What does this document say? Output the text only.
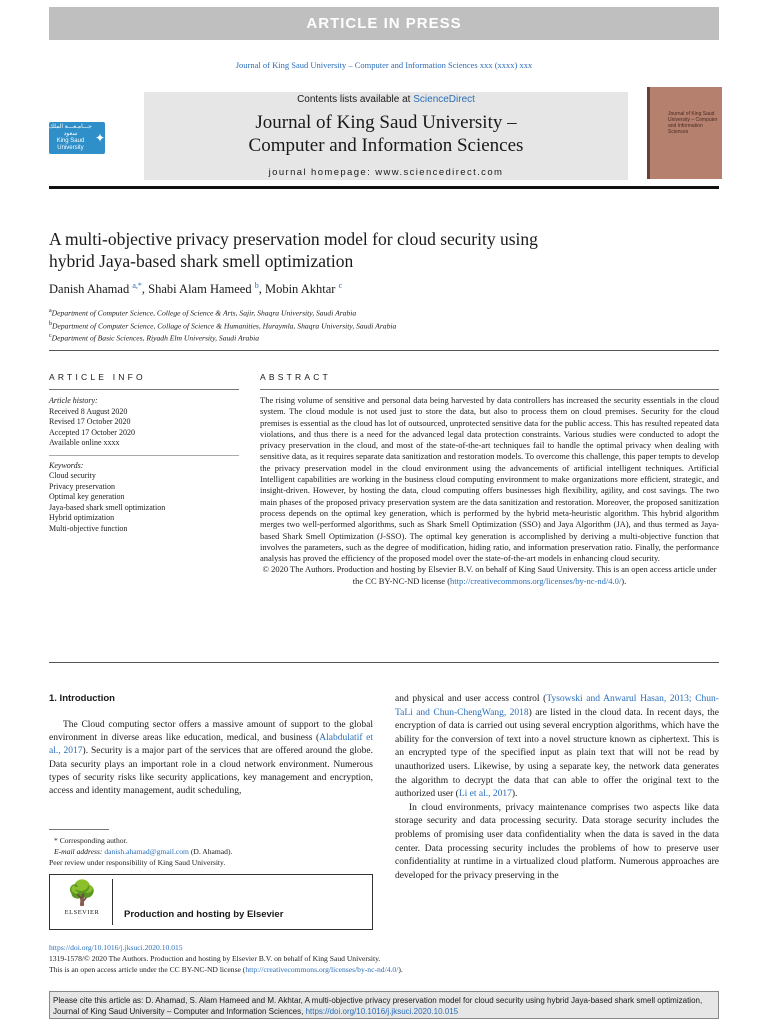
ARTICLE IN PRESS
Journal of King Saud University – Computer and Information Sciences xxx (xxxx) xxx
جـــامـعـــة الملك سعود
King Saud University
✦
Contents lists available at ScienceDirect
Journal of King Saud University –
Computer and Information Sciences
journal homepage: www.sciencedirect.com
Journal of King Saud University – Computer and Information Sciences
A multi-objective privacy preservation model for cloud security using
hybrid Jaya-based shark smell optimization
Danish Ahamad $^{a,*}$, Shabi Alam Hameed $^b$, Mobin Akhtar $^c$
$^a$Department of Computer Science, College of Science & Arts, Sajir, Shaqra University, Saudi Arabia
$^b$Department of Computer Science, Collage of Science & Humanities, Huraymla, Shaqra University, Saudi Arabia
$^c$Department of Basic Sciences, Riyadh Elm University, Saudi Arabia
ARTICLE INFO	ABSTRACT
Article history:
Received 8 August 2020
Revised 17 October 2020
Accepted 17 October 2020
Available online xxxx
Keywords:
Cloud security
Privacy preservation
Optimal key generation
Jaya-based shark smell optimization
Hybrid optimization
Multi-objective function

The rising volume of sensitive and personal data being harvested by data controllers has increased the security essentials in the cloud system. The cloud module is not used just to store the data, but also to process them on cloud premises. Security for the cloud premises is essential as the cloud has lot of outsourced, unprotected sensitive data for the public access. This has resulted repeated data violations, and thus there is a need for the advanced legal data protection constraints. Various studies were conducted to adopt the privacy preservation in the cloud, and most of the state-of-the-art techniques fail to handle the optimal privacy when dealing with sensitive data, as it requires separate data sanitization and restoration models. To overcome this challenge, this paper tempts to develop the privacy preservation model in the cloud environment using the advancements of artificial intelligent techniques. Artificial Intelligent capabilities are working in the business cloud computing environment to make organizations more efficient, strategic, and insight-driven. However, by hosting the data, cloud computing offers businesses high flexibility, agility, and cost savings. The two main phases of the proposed privacy preservation system are the data sanitization and restoration. Moreover, the proposed sanitization process depends on the optimal key generation, which is performed by the hybrid meta-heuristic algorithm. This hybrid algorithm merges two well-performed algorithms, such as Shark Smell Optimization (SSO) and Jaya Algorithm (JA), and thus termed as Jaya-based Shark Smell Optimization (J-SSO). The optimal key generation is accomplished by deriving a multi-objective function that involves the parameters, such as the degree of modification, hiding ratio, and information preservation ratio. Finally, the performance analysis has proved the efficiency of the proposed model over the state-of-the-art models in enhancing cloud security.

© 2020 The Authors. Production and hosting by Elsevier B.V. on behalf of King Saud University. This is an open access article under the CC BY-NC-ND license (http://creativecommons.org/licenses/by-nc-nd/4.0/).

1. Introduction

The Cloud computing sector offers a massive amount of support to the global environment in diverse areas like education, medical, and business (Alabdulatif et al., 2017). Security is a major part of the services that are offered around the globe. Data security plays an important role in a cloud network environment. Numerous types of security risks like security applications, key management and encryption, access and identity management, audit scheduling,

and physical and user access control (Tysowski and Anwarul Hasan, 2013; Chun-TaLi and Chun-ChengWang, 2018) are listed in the cloud data. In recent days, the encryption of data is carried out using several encryption algorithms, which have the ability for the conversion of text into a novel structure known as ciphertext. This is an encrypted type of the specified input as plain text that will not be read by unauthorized users. Likewise, by using a separate key, the network data generates the algorithm to decrypt the data that can able to offer the original text to the authorized user (Li et al., 2017).

In cloud environments, privacy maintenance comprises two aspects like data storage security and data processing security. Data storage security includes the problems of promising user data confidentiality when the data is saved in the data center. Data processing security includes the problems of how to preserve user confidentiality at runtime in a virtualized cloud platform. Numerous approaches are developed for the privacy preserving in the

* Corresponding author.
E-mail address: danish.ahamad@gmail.com (D. Ahamad).
Peer review under responsibility of King Saud University.
🌳
ELSEVIER	Production and hosting by Elsevier
https://doi.org/10.1016/j.jksuci.2020.10.015
1319-1578/© 2020 The Authors. Production and hosting by Elsevier B.V. on behalf of King Saud University.
This is an open access article under the CC BY-NC-ND license (http://creativecommons.org/licenses/by-nc-nd/4.0/).
Please cite this article as: D. Ahamad, S. Alam Hameed and M. Akhtar, A multi-objective privacy preservation model for cloud security using hybrid Jaya-based shark smell optimization, Journal of King Saud University – Computer and Information Sciences, https://doi.org/10.1016/j.jksuci.2020.10.015
